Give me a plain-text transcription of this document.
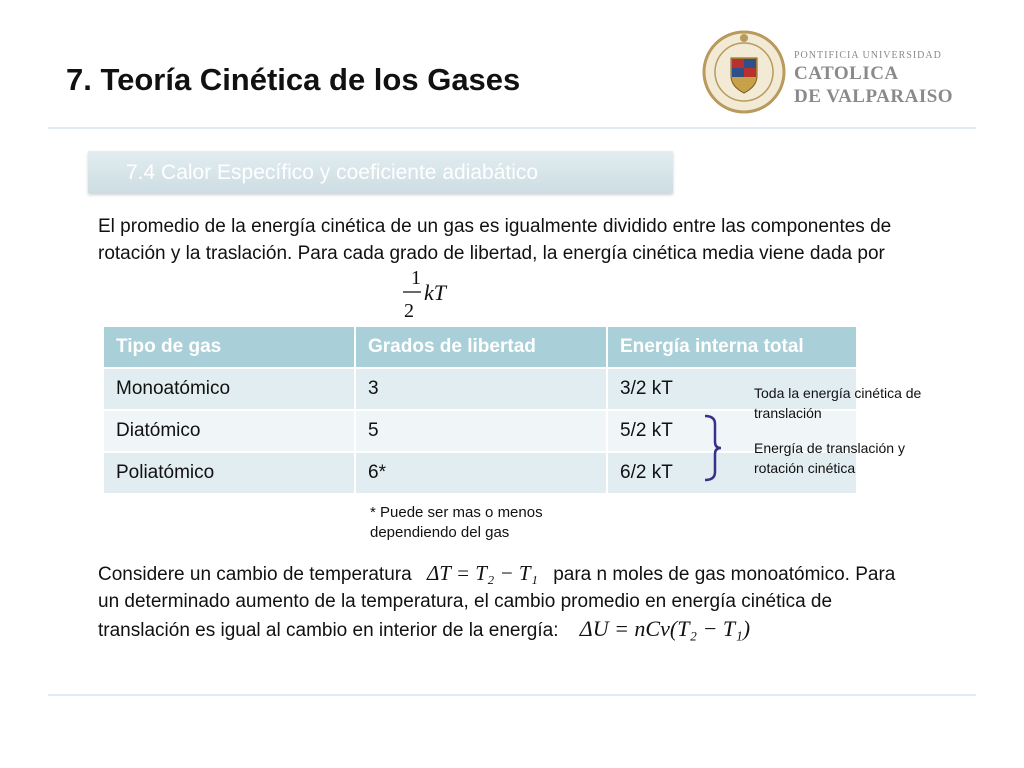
7. Teoría Cinética de los Gases
PONTIFICIA UNIVERSIDAD
CATOLICA
DE VALPARAISO
7.4 Calor Específico y coeficiente adiabático

El promedio de la energía cinética de un gas es igualmente dividido entre las componentes de rotación y la traslación. Para cada grado de libertad, la energía cinética media viene dada por

1
2
kT
Tipo de gas	Grados de libertad	Energía interna total
Monoatómico	3	3/2 kT
Diatómico	5	5/2 kT
Poliatómico	6*	6/2 kT

Toda la energía cinética de translación

Energía de translación y rotación cinética

* Puede ser mas o menos dependiendo del gas

Considere un cambio de temperatura ΔT = T₂ − T₁ para n moles de gas monoatómico. Para un determinado aumento de la temperatura, el cambio promedio en energía cinética de translación es igual al cambio en interior de la energía: ΔU = nCv(T₂ − T₁)
